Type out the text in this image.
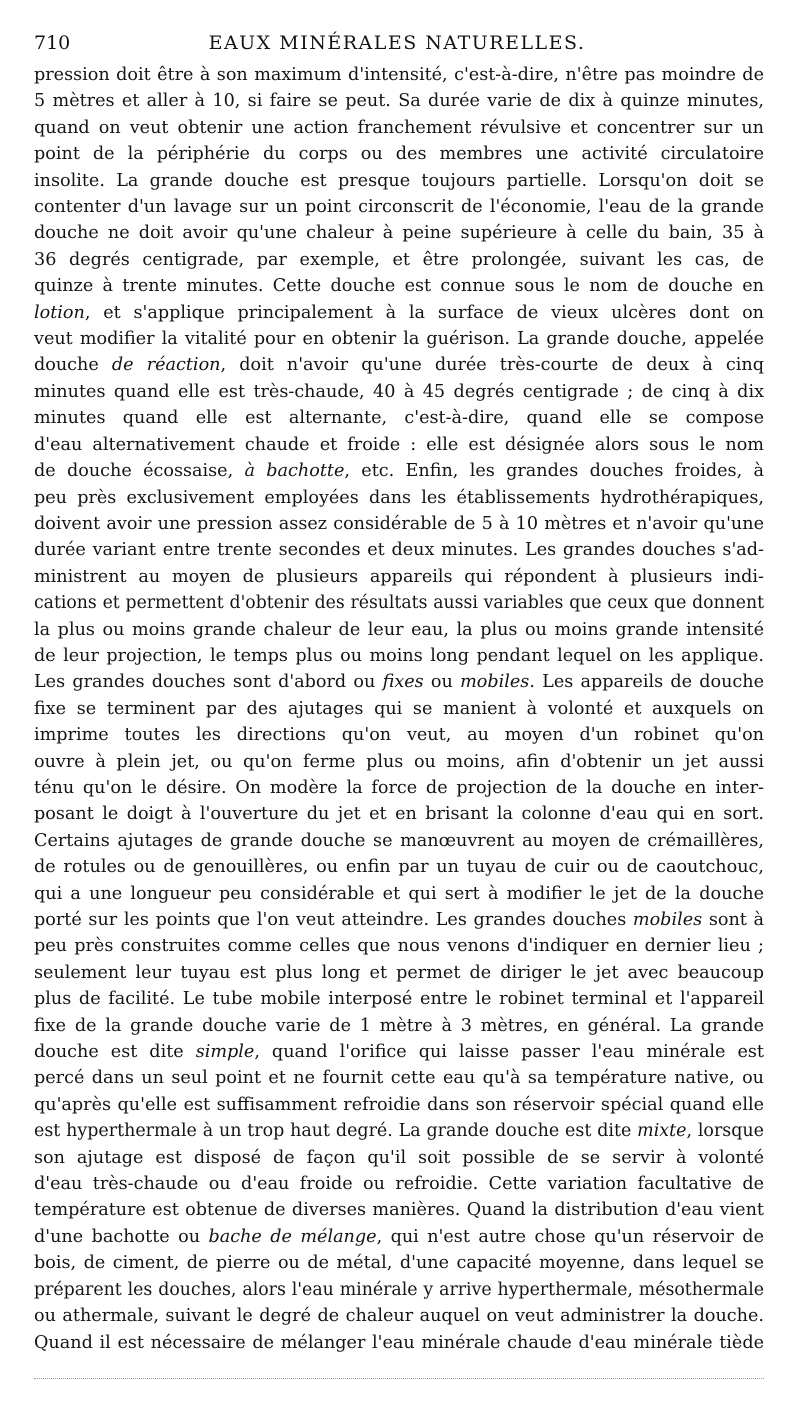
710	EAUX MINÉRALES NATURELLES.
pression doit être à son maximum d'intensité, c'est-à-dire, n'être pas moindre de
5 mètres et aller à 10, si faire se peut. Sa durée varie de dix à quinze minutes,
quand on veut obtenir une action franchement révulsive et concentrer sur un
point de la périphérie du corps ou des membres une activité circulatoire
insolite. La grande douche est presque toujours partielle. Lorsqu'on doit se
contenter d'un lavage sur un point circonscrit de l'économie, l'eau de la grande
douche ne doit avoir qu'une chaleur à peine supérieure à celle du bain, 35 à
36 degrés centigrade, par exemple, et être prolongée, suivant les cas, de
quinze à trente minutes. Cette douche est connue sous le nom de douche en
lotion, et s'applique principalement à la surface de vieux ulcères dont on
veut modifier la vitalité pour en obtenir la guérison. La grande douche, appelée
douche de réaction, doit n'avoir qu'une durée très-courte de deux à cinq
minutes quand elle est très-chaude, 40 à 45 degrés centigrade ; de cinq à dix
minutes quand elle est alternante, c'est-à-dire, quand elle se compose
d'eau alternativement chaude et froide : elle est désignée alors sous le nom
de douche écossaise, à bachotte, etc. Enfin, les grandes douches froides, à
peu près exclusivement employées dans les établissements hydrothérapiques,
doivent avoir une pression assez considérable de 5 à 10 mètres et n'avoir qu'une
durée variant entre trente secondes et deux minutes. Les grandes douches s'ad-
ministrent au moyen de plusieurs appareils qui répondent à plusieurs indi-
cations et permettent d'obtenir des résultats aussi variables que ceux que donnent
la plus ou moins grande chaleur de leur eau, la plus ou moins grande intensité
de leur projection, le temps plus ou moins long pendant lequel on les applique.
Les grandes douches sont d'abord ou fixes ou mobiles. Les appareils de douche
fixe se terminent par des ajutages qui se manient à volonté et auxquels on
imprime toutes les directions qu'on veut, au moyen d'un robinet qu'on
ouvre à plein jet, ou qu'on ferme plus ou moins, afin d'obtenir un jet aussi
ténu qu'on le désire. On modère la force de projection de la douche en inter-
posant le doigt à l'ouverture du jet et en brisant la colonne d'eau qui en sort.
Certains ajutages de grande douche se manœuvrent au moyen de crémaillères,
de rotules ou de genouillères, ou enfin par un tuyau de cuir ou de caoutchouc,
qui a une longueur peu considérable et qui sert à modifier le jet de la douche
porté sur les points que l'on veut atteindre. Les grandes douches mobiles sont à
peu près construites comme celles que nous venons d'indiquer en dernier lieu ;
seulement leur tuyau est plus long et permet de diriger le jet avec beaucoup
plus de facilité. Le tube mobile interposé entre le robinet terminal et l'appareil
fixe de la grande douche varie de 1 mètre à 3 mètres, en général. La grande
douche est dite simple, quand l'orifice qui laisse passer l'eau minérale est
percé dans un seul point et ne fournit cette eau qu'à sa température native, ou
qu'après qu'elle est suffisamment refroidie dans son réservoir spécial quand elle
est hyperthermale à un trop haut degré. La grande douche est dite mixte, lorsque
son ajutage est disposé de façon qu'il soit possible de se servir à volonté
d'eau très-chaude ou d'eau froide ou refroidie. Cette variation facultative de
température est obtenue de diverses manières. Quand la distribution d'eau vient
d'une bachotte ou bache de mélange, qui n'est autre chose qu'un réservoir de
bois, de ciment, de pierre ou de métal, d'une capacité moyenne, dans lequel se
préparent les douches, alors l'eau minérale y arrive hyperthermale, mésothermale
ou athermale, suivant le degré de chaleur auquel on veut administrer la douche.
Quand il est nécessaire de mélanger l'eau minérale chaude d'eau minérale tiède
